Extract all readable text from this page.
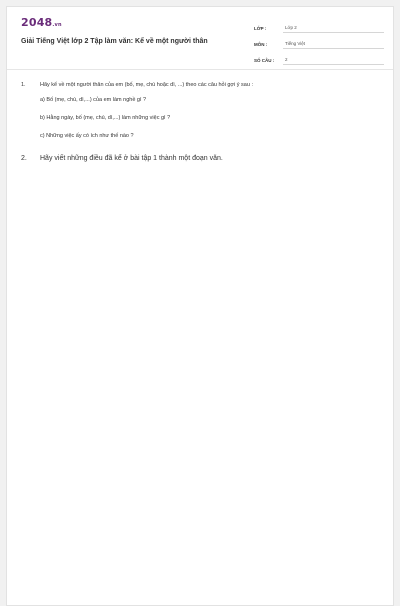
2048.vn
Giải Tiếng Việt lớp 2 Tập làm văn: Kể về một người thân
LỚP :	Lớp 2
MÔN :	Tiếng Việt
SỐ CÂU :	2
1.	Hãy kể về một người thân của em (bố, mẹ, chú hoặc dì, ...) theo các câu hỏi gợi ý sau :
a) Bố (mẹ, chú, dì,...) của em làm nghề gì ?
b) Hằng ngày, bố (mẹ, chú, dì,...) làm những việc gì ?
c) Những việc ấy có ích như thế nào ?
2.	Hãy viết những điều đã kể ở bài tập 1 thành một đoạn văn.
